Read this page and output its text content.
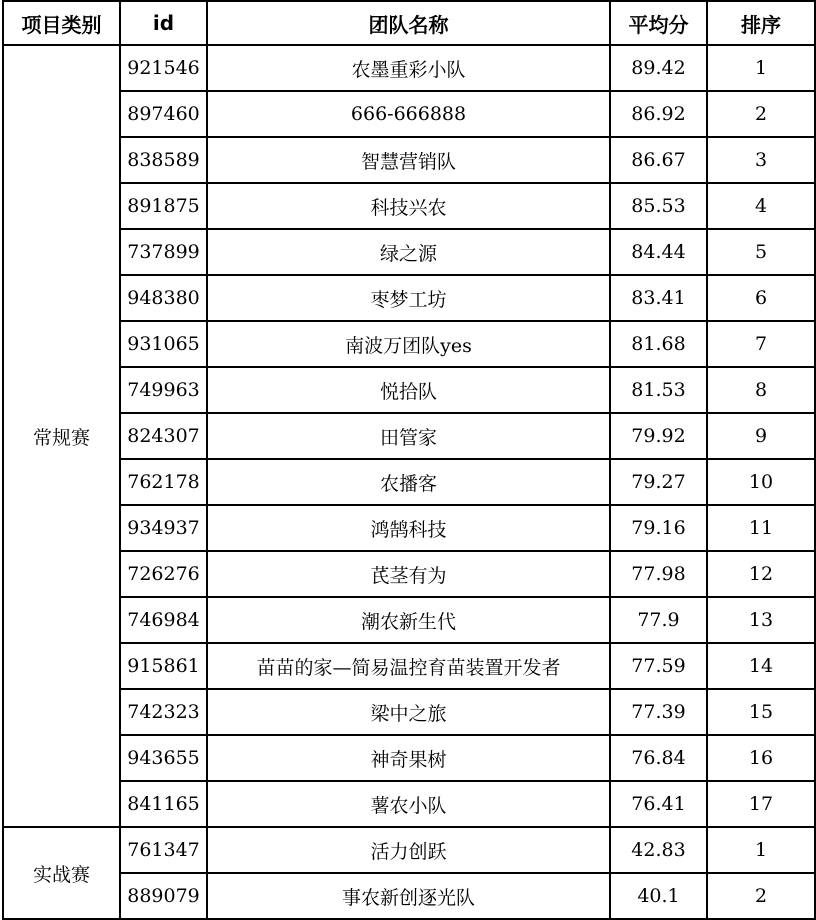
项目类别	id	团队名称	平均分	排序
常规赛	921546	农墨重彩小队	89.42	1
	897460	666-666888	86.92	2
	838589	智慧营销队	86.67	3
	891875	科技兴农	85.53	4
	737899	绿之源	84.44	5
	948380	枣梦工坊	83.41	6
	931065	南波万团队yes	81.68	7
	749963	悦拾队	81.53	8
	824307	田管家	79.92	9
	762178	农播客	79.27	10
	934937	鸿鹄科技	79.16	11
	726276	芪茎有为	77.98	12
	746984	潮农新生代	77.9	13
	915861	苗苗的家—简易温控育苗装置开发者	77.59	14
	742323	梁中之旅	77.39	15
	943655	神奇果树	76.84	16
	841165	薯农小队	76.41	17
实战赛	761347	活力创跃	42.83	1
	889079	事农新创逐光队	40.1	2
